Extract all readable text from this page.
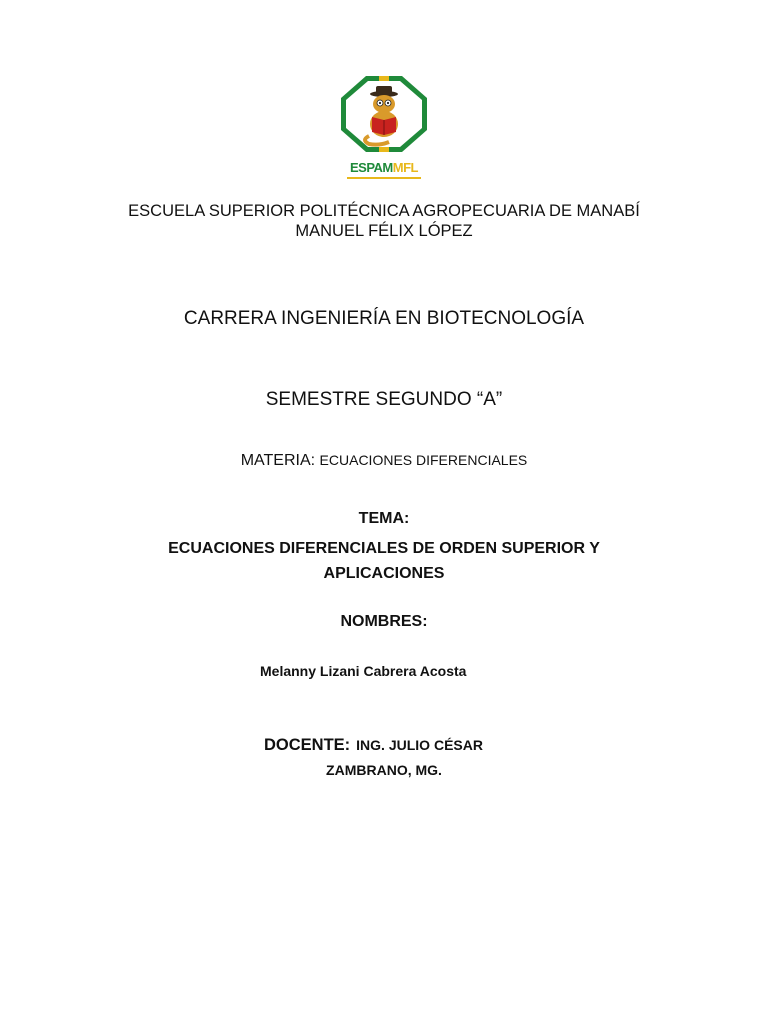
ESPAMMFL
ESCUELA SUPERIOR POLITÉCNICA AGROPECUARIA DE MANABÍ
MANUEL FÉLIX LÓPEZ
CARRERA INGENIERÍA EN BIOTECNOLOGÍA
SEMESTRE SEGUNDO “A”
MATERIA: ECUACIONES DIFERENCIALES
TEMA:
ECUACIONES DIFERENCIALES DE ORDEN SUPERIOR Y
APLICACIONES
NOMBRES:
Melanny Lizani Cabrera Acosta
DOCENTE: ING. JULIO CÉSAR
ZAMBRANO, MG.
